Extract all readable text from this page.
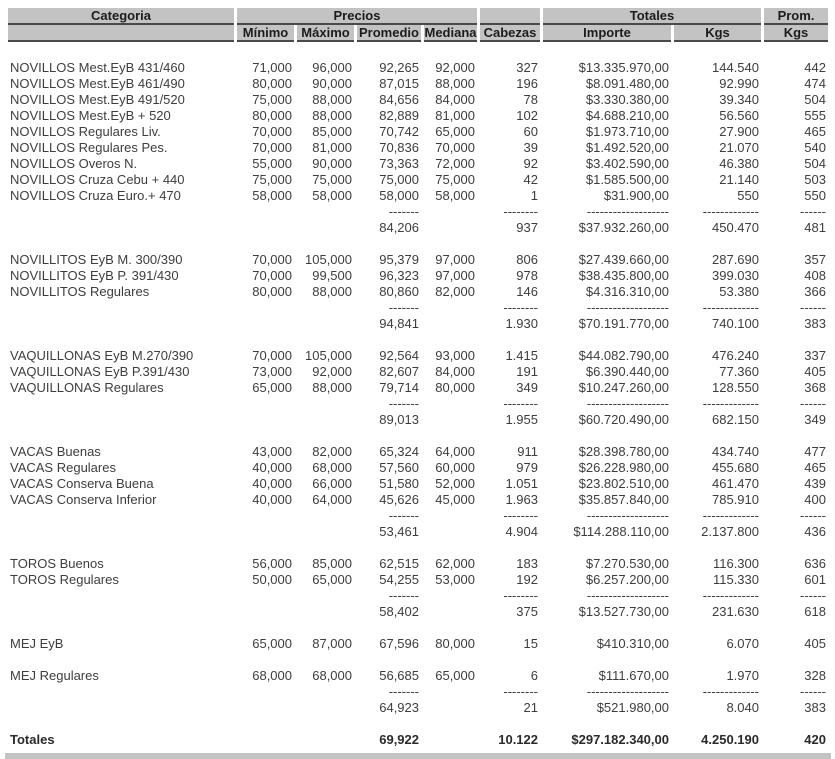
Categoria	Precios					Totales		Prom.
	Mínimo	Máximo	Promedio	Mediana	Cabezas	Importe	Kgs	Kgs

NOVILLOS Mest.EyB 431/460	71,000	96,000	92,265	92,000	327	$13.335.970,00	144.540	442
NOVILLOS Mest.EyB 461/490	80,000	90,000	87,015	88,000	196	$8.091.480,00	92.990	474
NOVILLOS Mest.EyB 491/520	75,000	88,000	84,656	84,000	78	$3.330.380,00	39.340	504
NOVILLOS Mest.EyB + 520	80,000	88,000	82,889	81,000	102	$4.688.210,00	56.560	555
NOVILLOS Regulares Liv.	70,000	85,000	70,742	65,000	60	$1.973.710,00	27.900	465
NOVILLOS Regulares Pes.	70,000	81,000	70,836	70,000	39	$1.492.520,00	21.070	540
NOVILLOS Overos N.	55,000	90,000	73,363	72,000	92	$3.402.590,00	46.380	504
NOVILLOS Cruza Cebu + 440	75,000	75,000	75,000	75,000	42	$1.585.500,00	21.140	503
NOVILLOS Cruza Euro.+ 470	58,000	58,000	58,000	58,000	1	$31.900,00	550	550
			-------		--------	-------------------	-------------	------
			84,206		937	$37.932.260,00	450.470	481

NOVILLITOS EyB M. 300/390	70,000	105,000	95,379	97,000	806	$27.439.660,00	287.690	357
NOVILLITOS EyB P. 391/430	70,000	99,500	96,323	97,000	978	$38.435.800,00	399.030	408
NOVILLITOS Regulares	80,000	88,000	80,860	82,000	146	$4.316.310,00	53.380	366
			-------		--------	-------------------	-------------	------
			94,841		1.930	$70.191.770,00	740.100	383

VAQUILLONAS EyB M.270/390	70,000	105,000	92,564	93,000	1.415	$44.082.790,00	476.240	337
VAQUILLONAS EyB P.391/430	73,000	92,000	82,607	84,000	191	$6.390.440,00	77.360	405
VAQUILLONAS Regulares	65,000	88,000	79,714	80,000	349	$10.247.260,00	128.550	368
			-------		--------	-------------------	-------------	------
			89,013		1.955	$60.720.490,00	682.150	349

VACAS Buenas	43,000	82,000	65,324	64,000	911	$28.398.780,00	434.740	477
VACAS Regulares	40,000	68,000	57,560	60,000	979	$26.228.980,00	455.680	465
VACAS Conserva Buena	40,000	66,000	51,580	52,000	1.051	$23.802.510,00	461.470	439
VACAS Conserva Inferior	40,000	64,000	45,626	45,000	1.963	$35.857.840,00	785.910	400
			-------		--------	-------------------	-------------	------
			53,461		4.904	$114.288.110,00	2.137.800	436

TOROS Buenos	56,000	85,000	62,515	62,000	183	$7.270.530,00	116.300	636
TOROS Regulares	50,000	65,000	54,255	53,000	192	$6.257.200,00	115.330	601
			-------		--------	-------------------	-------------	------
			58,402		375	$13.527.730,00	231.630	618

MEJ EyB	65,000	87,000	67,596	80,000	15	$410.310,00	6.070	405

MEJ Regulares	68,000	68,000	56,685	65,000	6	$111.670,00	1.970	328
			-------		--------	-------------------	-------------	------
			64,923		21	$521.980,00	8.040	383

Totales			69,922		10.122	$297.182.340,00	4.250.190	420
